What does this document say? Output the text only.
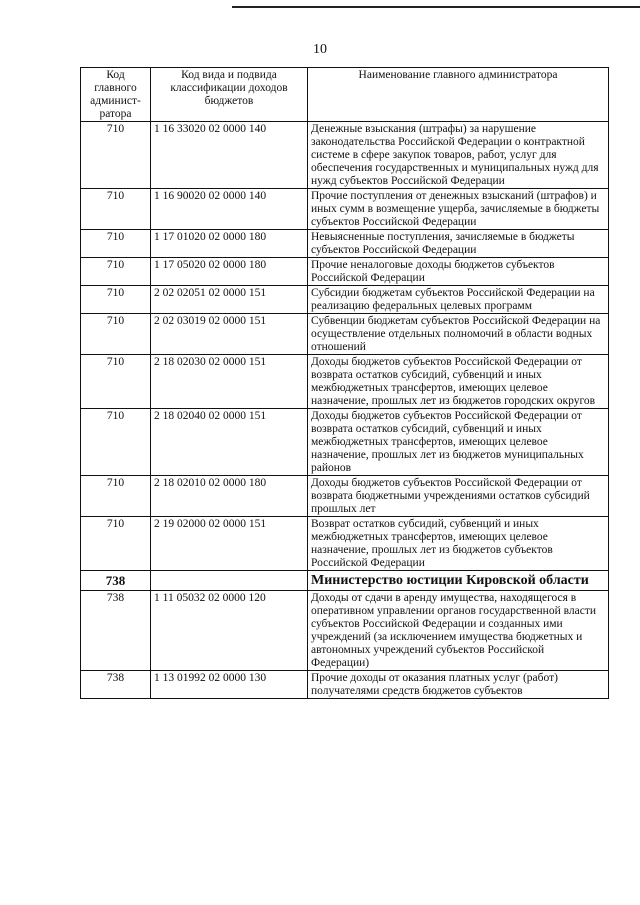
10
Код главного админист-ратора	Код вида и подвида классификации доходов бюджетов	Наименование главного администратора
710	1 16 33020 02 0000 140	Денежные взыскания (штрафы) за нарушение законодательства Российской Федерации о контрактной системе в сфере закупок товаров, работ, услуг для обеспечения государственных и муниципальных нужд для нужд субъектов Российской Федерации
710	1 16 90020 02 0000 140	Прочие поступления от денежных взысканий (штрафов) и иных сумм в возмещение ущерба, зачисляемые в бюджеты субъектов Российской Федерации
710	1 17 01020 02 0000 180	Невыясненные поступления, зачисляемые в бюджеты субъектов Российской Федерации
710	1 17 05020 02 0000 180	Прочие неналоговые доходы бюджетов субъектов Российской Федерации
710	2 02 02051 02 0000 151	Субсидии бюджетам субъектов Российской Федерации на реализацию федеральных целевых программ
710	2 02 03019 02 0000 151	Субвенции бюджетам субъектов Российской Федерации на осуществление отдельных полномочий в области водных отношений
710	2 18 02030 02 0000 151	Доходы бюджетов субъектов Российской Федерации от возврата остатков субсидий, субвенций и иных межбюджетных трансфертов, имеющих целевое назначение, прошлых лет из бюджетов городских округов
710	2 18 02040 02 0000 151	Доходы бюджетов субъектов Российской Федерации от возврата остатков субсидий, субвенций и иных межбюджетных трансфертов, имеющих целевое назначение, прошлых лет из бюджетов муниципальных районов
710	2 18 02010 02 0000 180	Доходы бюджетов субъектов Российской Федерации от возврата бюджетными учреждениями остатков субсидий прошлых лет
710	2 19 02000 02 0000 151	Возврат остатков субсидий, субвенций и иных межбюджетных трансфертов, имеющих целевое назначение, прошлых лет из бюджетов субъектов Российской Федерации
738		Министерство юстиции Кировской области
738	1 11 05032 02 0000 120	Доходы от сдачи в аренду имущества, находящегося в оперативном управлении органов государственной власти субъектов Российской Федерации и созданных ими учреждений (за исключением имущества бюджетных и автономных учреждений субъектов Российской Федерации)
738	1 13 01992 02 0000 130	Прочие доходы от оказания платных услуг (работ) получателями средств бюджетов субъектов
